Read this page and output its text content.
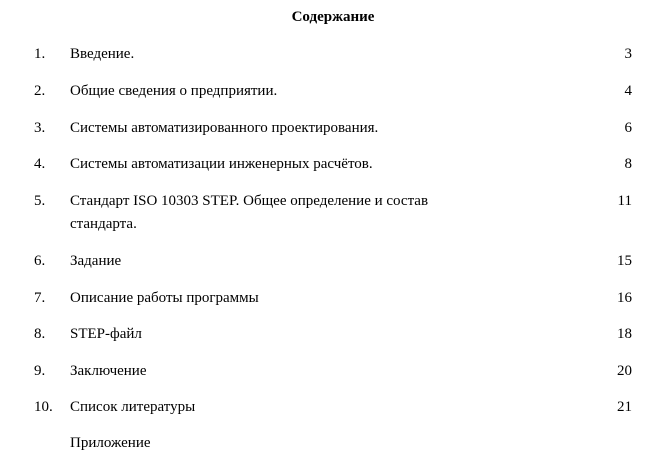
Содержание
1. Введение.	3
2. Общие сведения о предприятии.	4
3. Системы автоматизированного проектирования.	6
4. Системы автоматизации инженерных расчётов.	8
5. Стандарт ISO 10303 STEP. Общее определение и состав	11
стандарта.
6. Задание	15
7. Описание работы программы	16
8. STEP-файл	18
9. Заключение	20
10. Список литературы	21
Приложение
